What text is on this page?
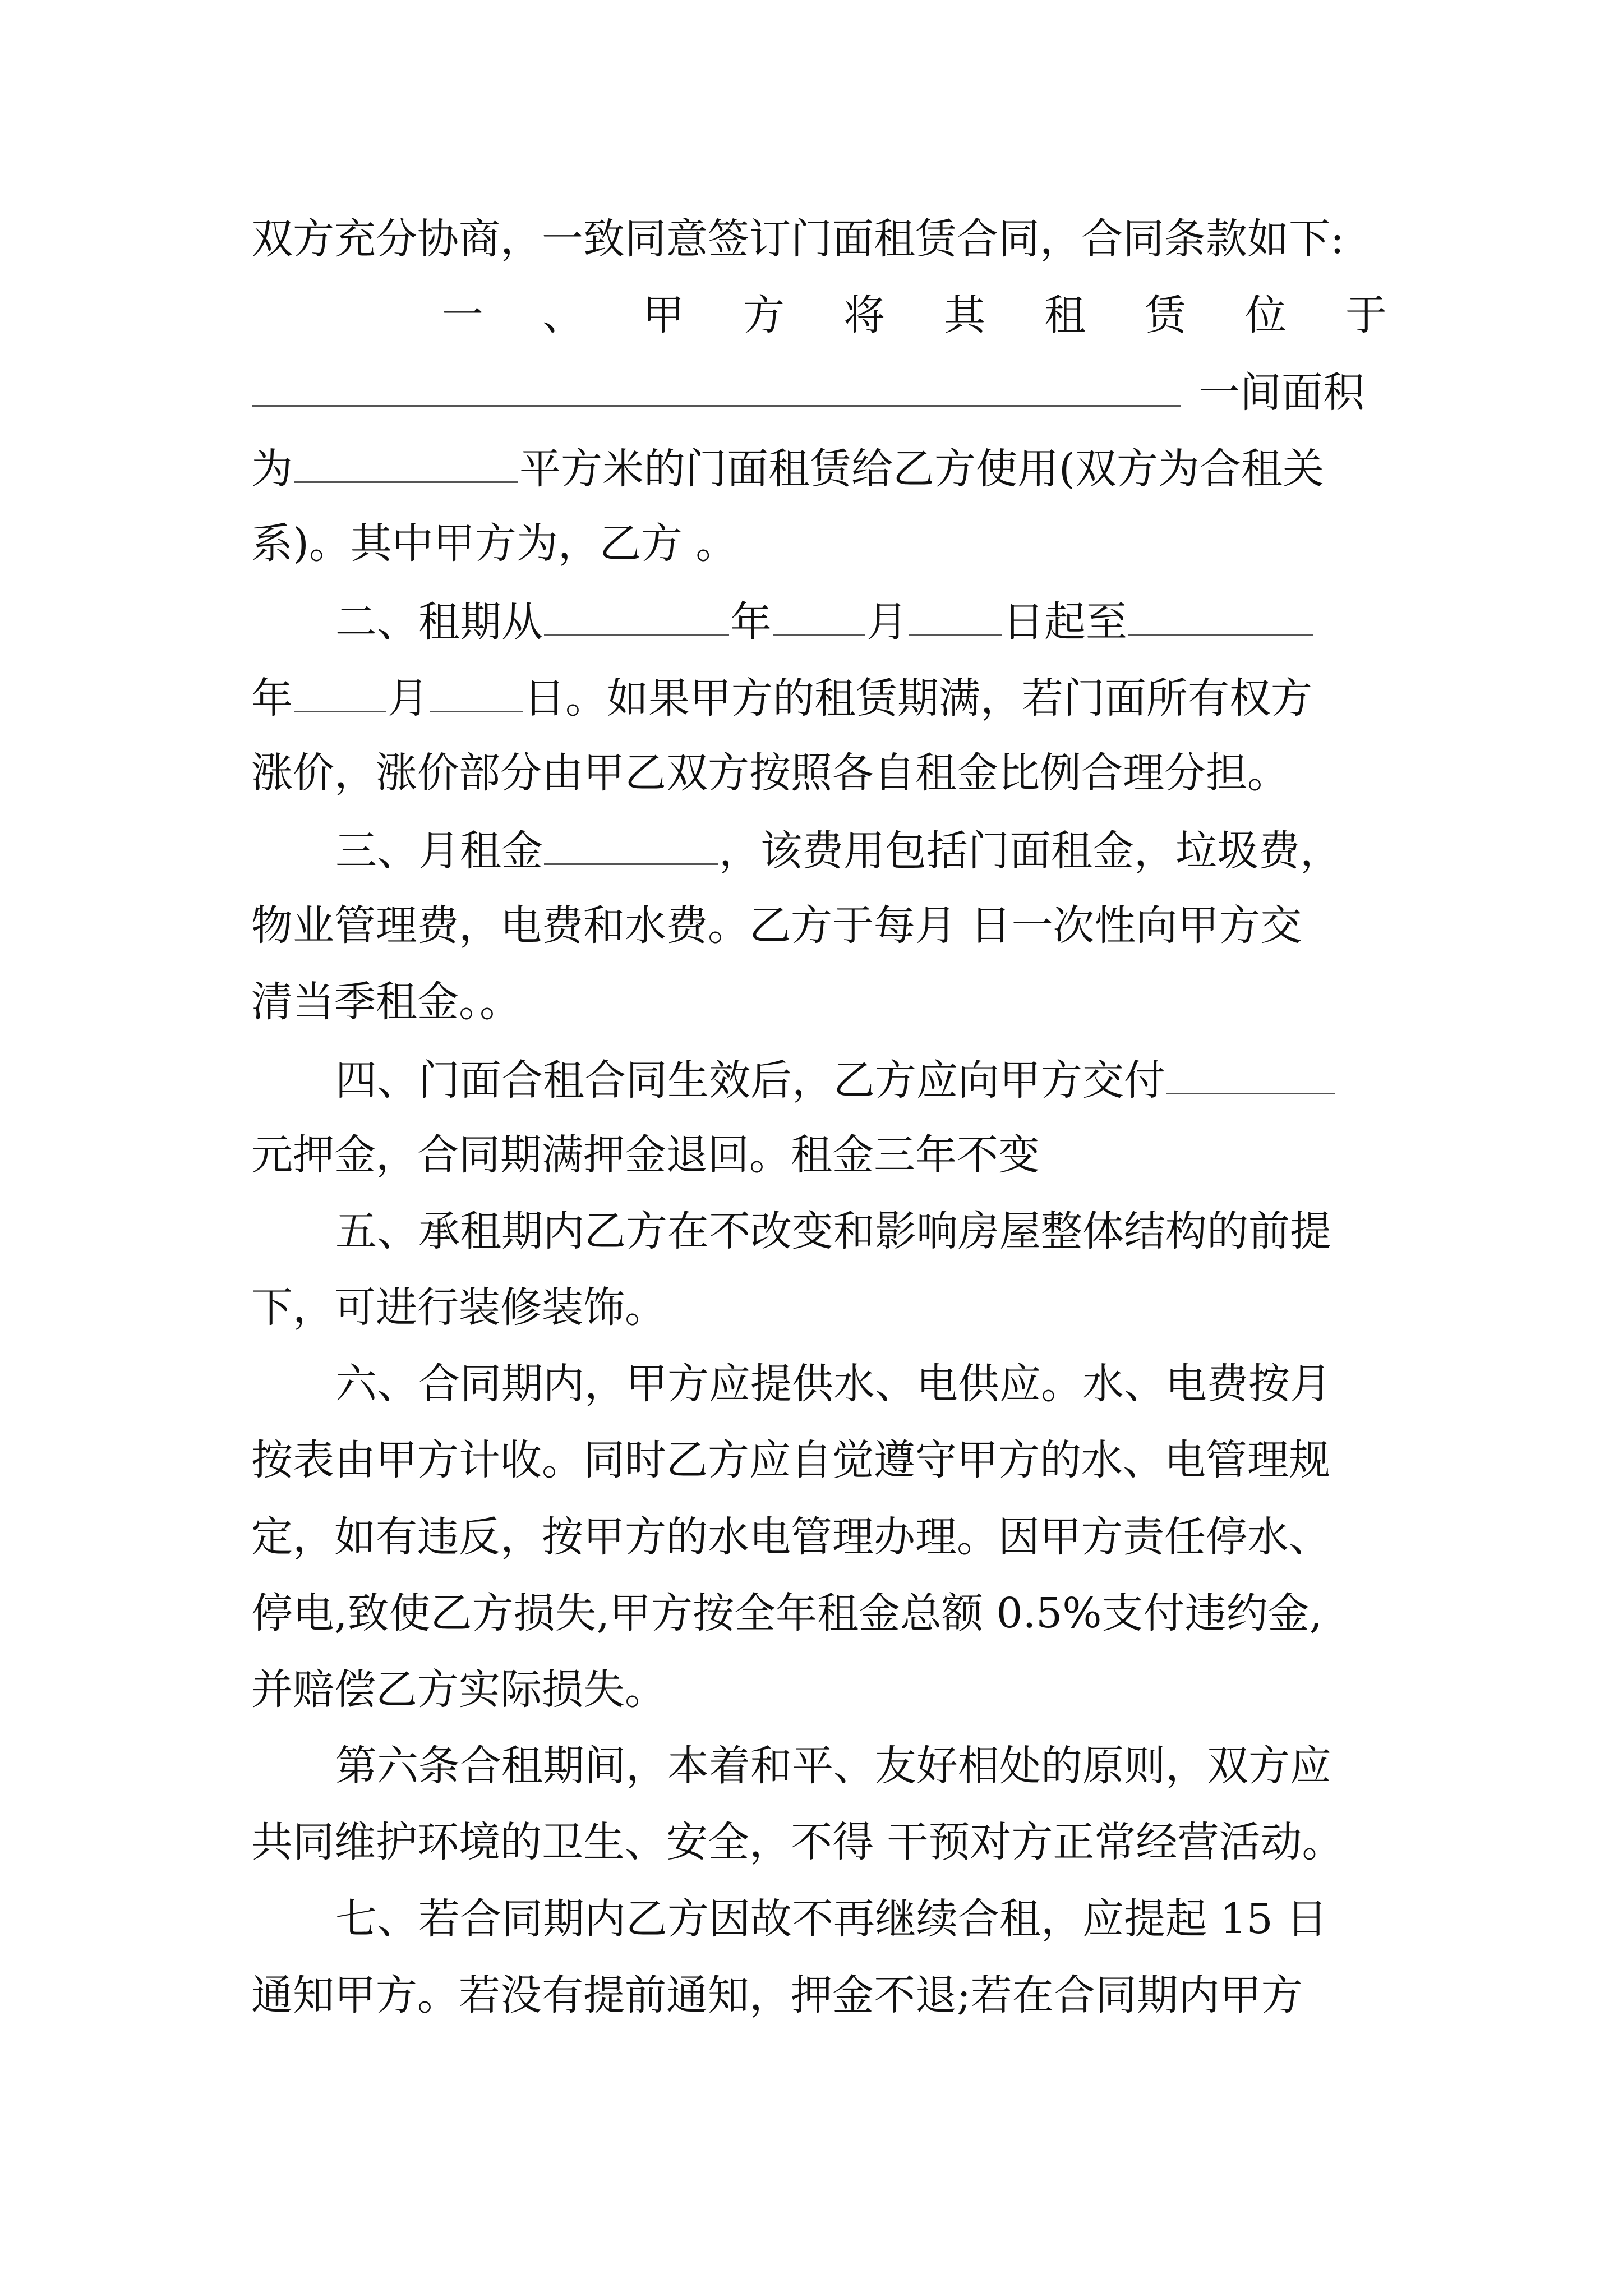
双方充分协商，一致同意签订门面租赁合同，合同条款如下:
一 、 甲 方 将 其 租 赁 位 于
一间面积
为	平方米的门面租赁给乙方使用(双方为合租关
系)。其中甲方为，乙方 。
二、租期从	年 月 日起至
年 月 日。如果甲方的租赁期满，若门面所有权方
涨价，涨价部分由甲乙双方按照各自租金比例合理分担。
三、月租金	，该费用包括门面租金，垃圾费，
物业管理费，电费和水费。乙方于每月 日一次性向甲方交
清当季租金。。
四、门面合租合同生效后，乙方应向甲方交付
元押金，合同期满押金退回。租金三年不变
五、承租期内乙方在不改变和影响房屋整体结构的前提
下，可进行装修装饰。
六、合同期内，甲方应提供水、电供应。水、电费按月
按表由甲方计收。同时乙方应自觉遵守甲方的水、电管理规
定，如有违反，按甲方的水电管理办理。因甲方责任停水、
停电,致使乙方损失,甲方按全年租金总额 0.5%支付违约金,
并赔偿乙方实际损失。
第六条合租期间，本着和平、友好相处的原则，双方应
共同维护环境的卫生、安全，不得 干预对方正常经营活动。
七、若合同期内乙方因故不再继续合租，应提起 15 日
通知甲方。若没有提前通知，押金不退;若在合同期内甲方
